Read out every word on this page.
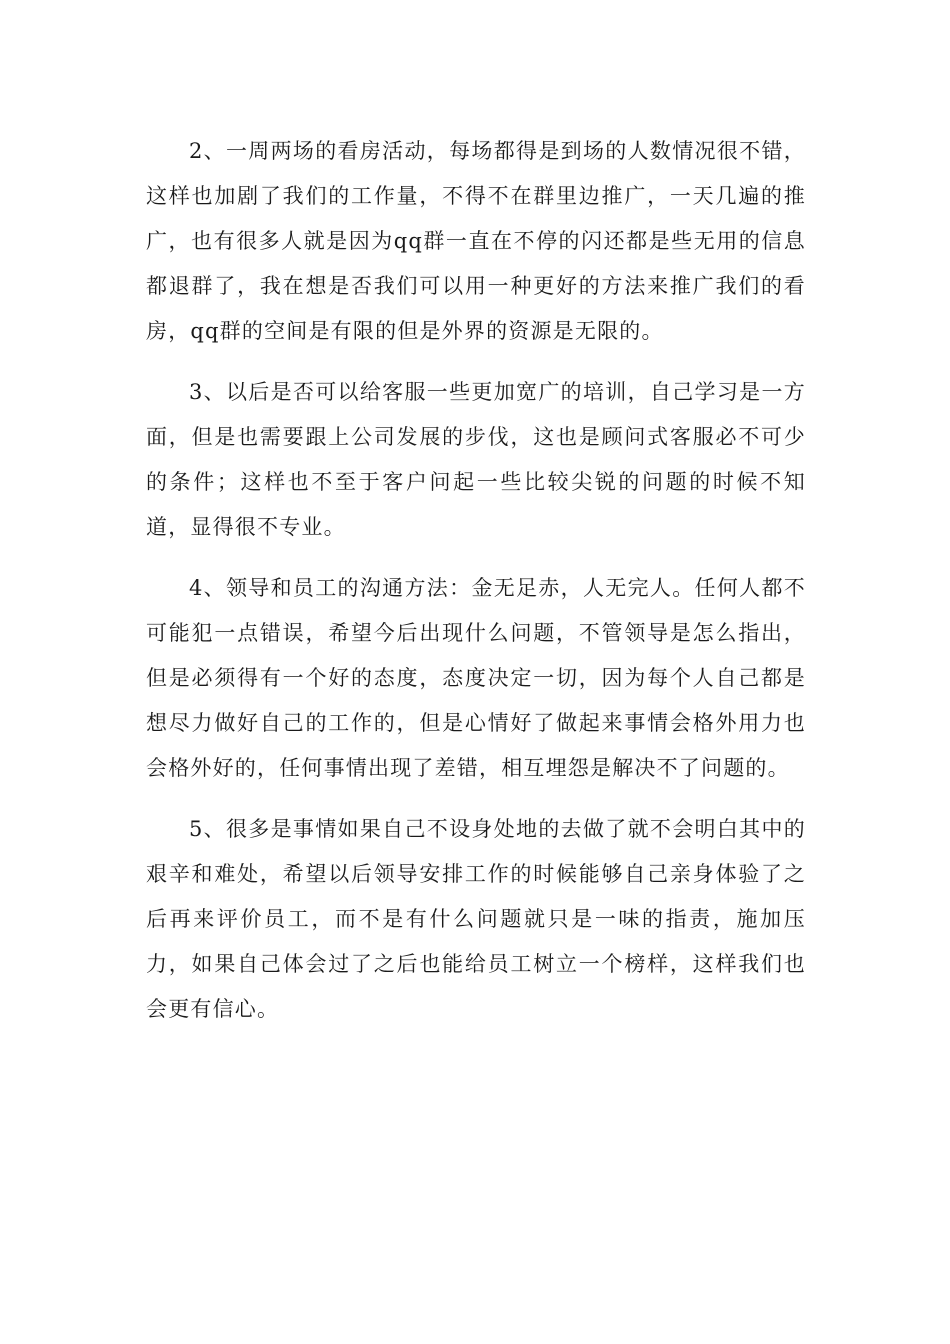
2、一周两场的看房活动，每场都得是到场的人数情况很不错，这样也加剧了我们的工作量，不得不在群里边推广，一天几遍的推广，也有很多人就是因为qq群一直在不停的闪还都是些无用的信息都退群了，我在想是否我们可以用一种更好的方法来推广我们的看房，qq群的空间是有限的但是外界的资源是无限的。

3、以后是否可以给客服一些更加宽广的培训，自己学习是一方面，但是也需要跟上公司发展的步伐，这也是顾问式客服必不可少的条件；这样也不至于客户问起一些比较尖锐的问题的时候不知道，显得很不专业。

4、领导和员工的沟通方法：金无足赤，人无完人。任何人都不可能犯一点错误，希望今后出现什么问题，不管领导是怎么指出，但是必须得有一个好的态度，态度决定一切，因为每个人自己都是想尽力做好自己的工作的，但是心情好了做起来事情会格外用力也会格外好的，任何事情出现了差错，相互埋怨是解决不了问题的。

5、很多是事情如果自己不设身处地的去做了就不会明白其中的艰辛和难处，希望以后领导安排工作的时候能够自己亲身体验了之后再来评价员工，而不是有什么问题就只是一味的指责，施加压力，如果自己体会过了之后也能给员工树立一个榜样，这样我们也会更有信心。
